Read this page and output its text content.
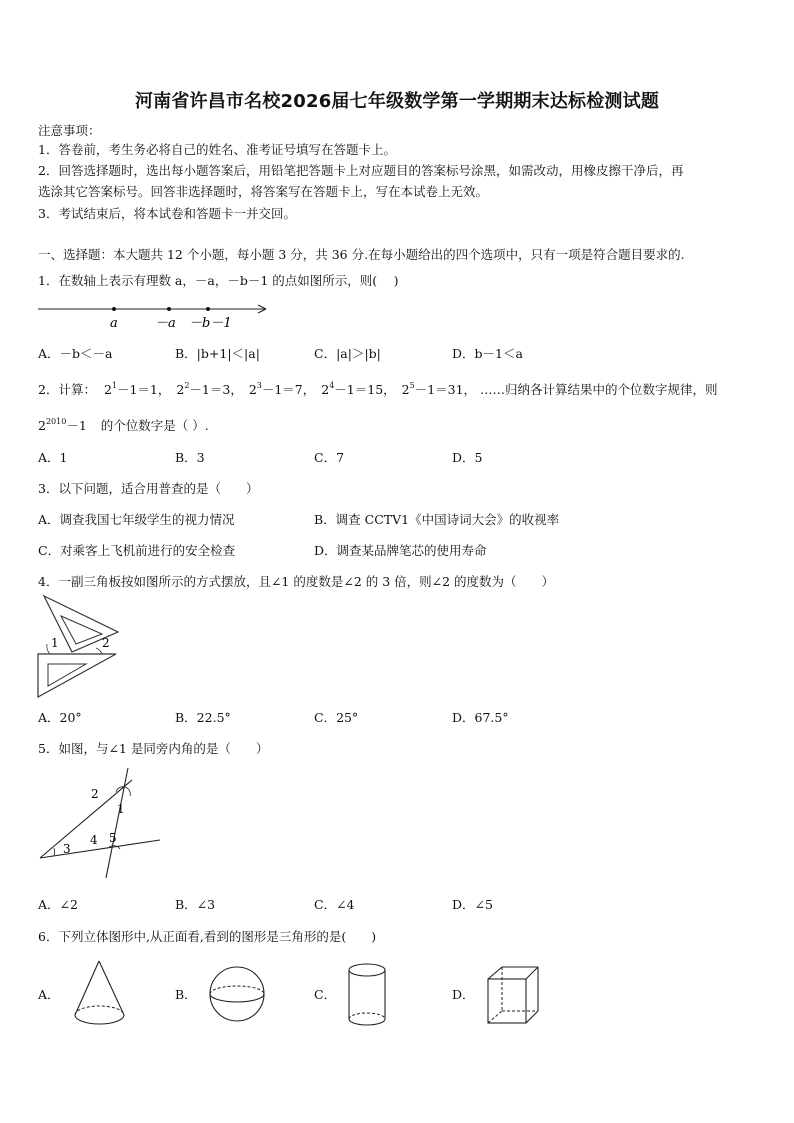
河南省许昌市名校2026届七年级数学第一学期期末达标检测试题
注意事项：
1．答卷前，考生务必将自己的姓名、准考证号填写在答题卡上。
2．回答选择题时，选出每小题答案后，用铅笔把答题卡上对应题目的答案标号涂黑，如需改动，用橡皮擦干净后，再
选涂其它答案标号。回答非选择题时，将答案写在答题卡上，写在本试卷上无效。
3．考试结束后，将本试卷和答题卡一并交回。
一、选择题：本大题共 12 个小题，每小题 3 分，共 36 分.在每小题给出的四个选项中，只有一项是符合题目要求的.
1．在数轴上表示有理数 a，－a，－b－1 的点如图所示，则(　 )
a	－a －b－1
A．－b＜－a	B．|b+1|＜|a|	C．|a|＞|b|	D．b－1＜a
2．计算： $2^1-1=1$， $2^2-1=3$， $2^3-1=7$， $2^4-1=15$， $2^5-1=31$， ……归纳各计算结果中的个位数字规律，则
$2^{2010}-1$ 的个位数字是（ ）.
A．1	B．3	C．7	D．5
3．以下问题，适合用普查的是（　　）
A．调查我国七年级学生的视力情况	B．调查 CCTV1《中国诗词大会》的收视率
C．对乘客上飞机前进行的安全检查	D．调查某品牌笔芯的使用寿命
4．一副三角板按如图所示的方式摆放，且∠1 的度数是∠2 的 3 倍，则∠2 的度数为（　　）
1	2
A．20°	B．22.5°	C．25°	D．67.5°
5．如图，与∠1 是同旁内角的是（　　）
2
1
4 5
3
A．∠2	B．∠3	C．∠4	D．∠5
6．下列立体图形中,从正面看,看到的图形是三角形的是(　　)
A．	B．	C．	D．
